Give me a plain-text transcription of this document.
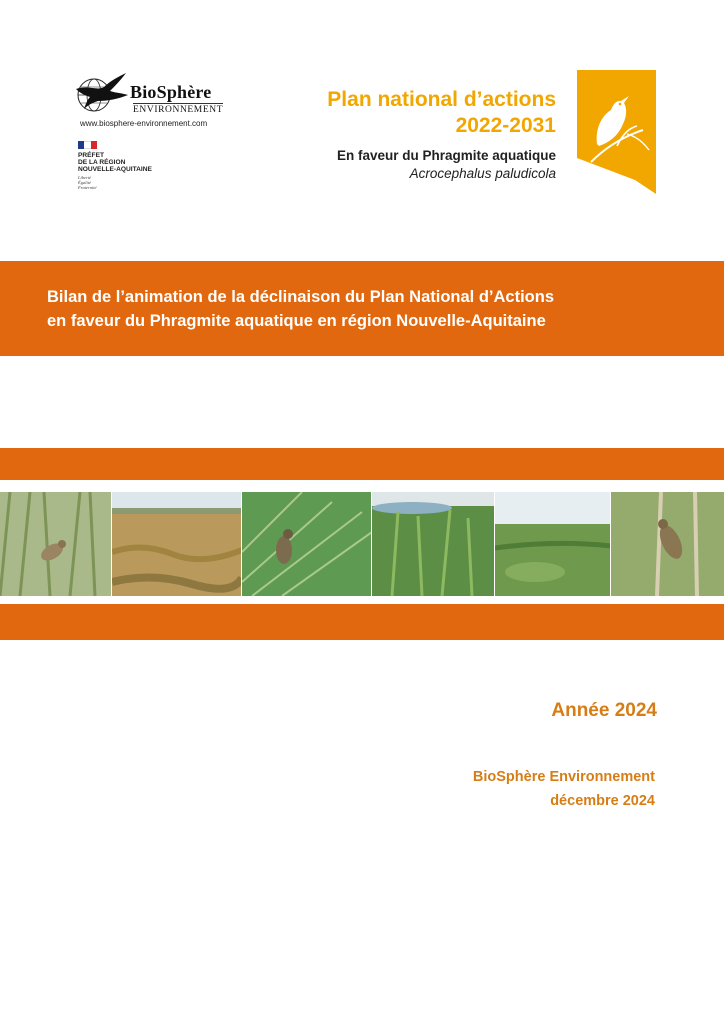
BioSphère
ENVIRONNEMENT
www.biosphere-environnement.com
PRÉFET
DE LA RÉGION
NOUVELLE-AQUITAINE
Liberté
Égalité
Fraternité
Plan national d’actions
2022-2031
En faveur du Phragmite aquatique
Acrocephalus paludicola
Bilan de l’animation de la déclinaison du Plan National d’Actions
en faveur du Phragmite aquatique en région Nouvelle-Aquitaine
Année 2024
BioSphère Environnement
décembre 2024
